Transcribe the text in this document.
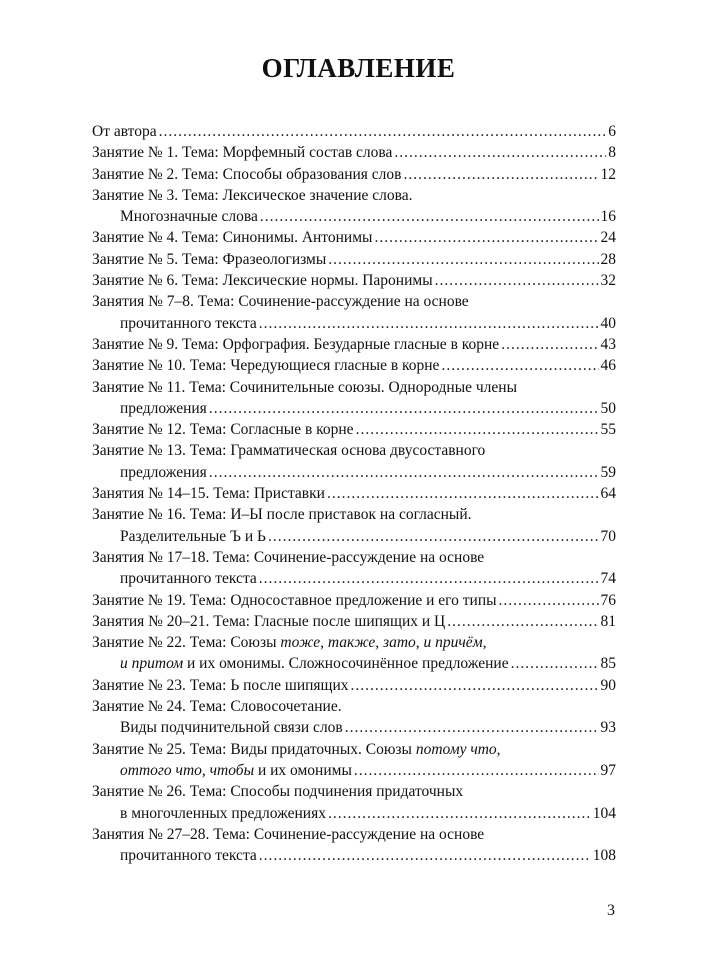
ОГЛАВЛЕНИЕ
От автора .....	6
Занятие № 1. Тема: Морфемный состав слова .....	8
Занятие № 2. Тема: Способы образования слов .....	12
Занятие № 3. Тема: Лексическое значение слова.
Многозначные слова .....	16
Занятие № 4. Тема: Синонимы. Антонимы .....	24
Занятие № 5. Тема: Фразеологизмы .....	28
Занятие № 6. Тема: Лексические нормы. Паронимы .....	32
Занятия № 7–8. Тема: Сочинение-рассуждение на основе
прочитанного текста .....	40
Занятие № 9. Тема: Орфография. Безударные гласные в корне .....	43
Занятие № 10. Тема: Чередующиеся гласные в корне .....	46
Занятие № 11. Тема: Сочинительные союзы. Однородные члены
предложения .....	50
Занятие № 12. Тема: Согласные в корне .....	55
Занятие № 13. Тема: Грамматическая основа двусоставного
предложения .....	59
Занятия № 14–15. Тема: Приставки .....	64
Занятие № 16. Тема: И–Ы после приставок на согласный.
Разделительные Ъ и Ь .....	70
Занятия № 17–18. Тема: Сочинение-рассуждение на основе
прочитанного текста .....	74
Занятие № 19. Тема: Односоставное предложение и его типы .....	76
Занятия № 20–21. Тема: Гласные после шипящих и Ц .....	81
Занятие № 22. Тема: Союзы тоже, также, зато, и причём,
и притом и их омонимы. Сложносочинённое предложение .....	85
Занятие № 23. Тема: Ь после шипящих .....	90
Занятие № 24. Тема: Словосочетание.
Виды подчинительной связи слов .....	93
Занятие № 25. Тема: Виды придаточных. Союзы потому что,
оттого что, чтобы и их омонимы .....	97
Занятие № 26. Тема: Способы подчинения придаточных
в многочленных предложениях .....	104
Занятия № 27–28. Тема: Сочинение-рассуждение на основе
прочитанного текста .....	108
3
